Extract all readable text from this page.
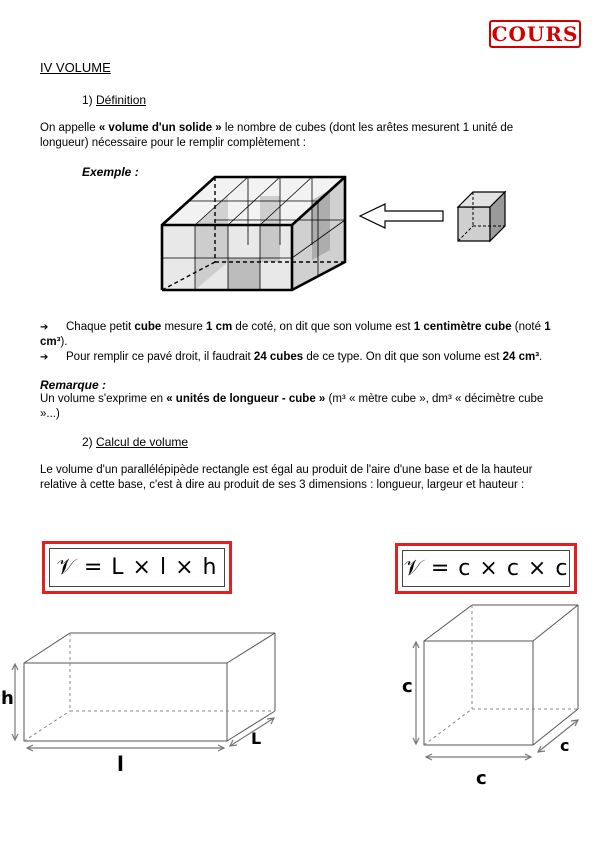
COURS
IV VOLUME
1) Définition
On appelle « volume d'un solide » le nombre de cubes (dont les arêtes mesurent 1 unité de longueur) nécessaire pour le remplir complètement :
Exemple :
➔ Chaque petit cube mesure 1 cm de coté, on dit que son volume est 1 centimètre cube (noté 1 cm³).
➔ Pour remplir ce pavé droit, il faudrait 24 cubes de ce type. On dit que son volume est 24 cm³.
Remarque :
Un volume s'exprime en « unités de longueur - cube » (m³ « mètre cube », dm³ « décimètre cube »...)
2) Calcul de volume
Le volume d'un parallélépipède rectangle est égal au produit de l'aire d'une base et de la hauteur relative à cette base, c'est à dire au produit de ses 3 dimensions : longueur, largeur et hauteur :
𝒱 = L × l × h	𝒱 = c × c × c
h
L
l
c
c
c
